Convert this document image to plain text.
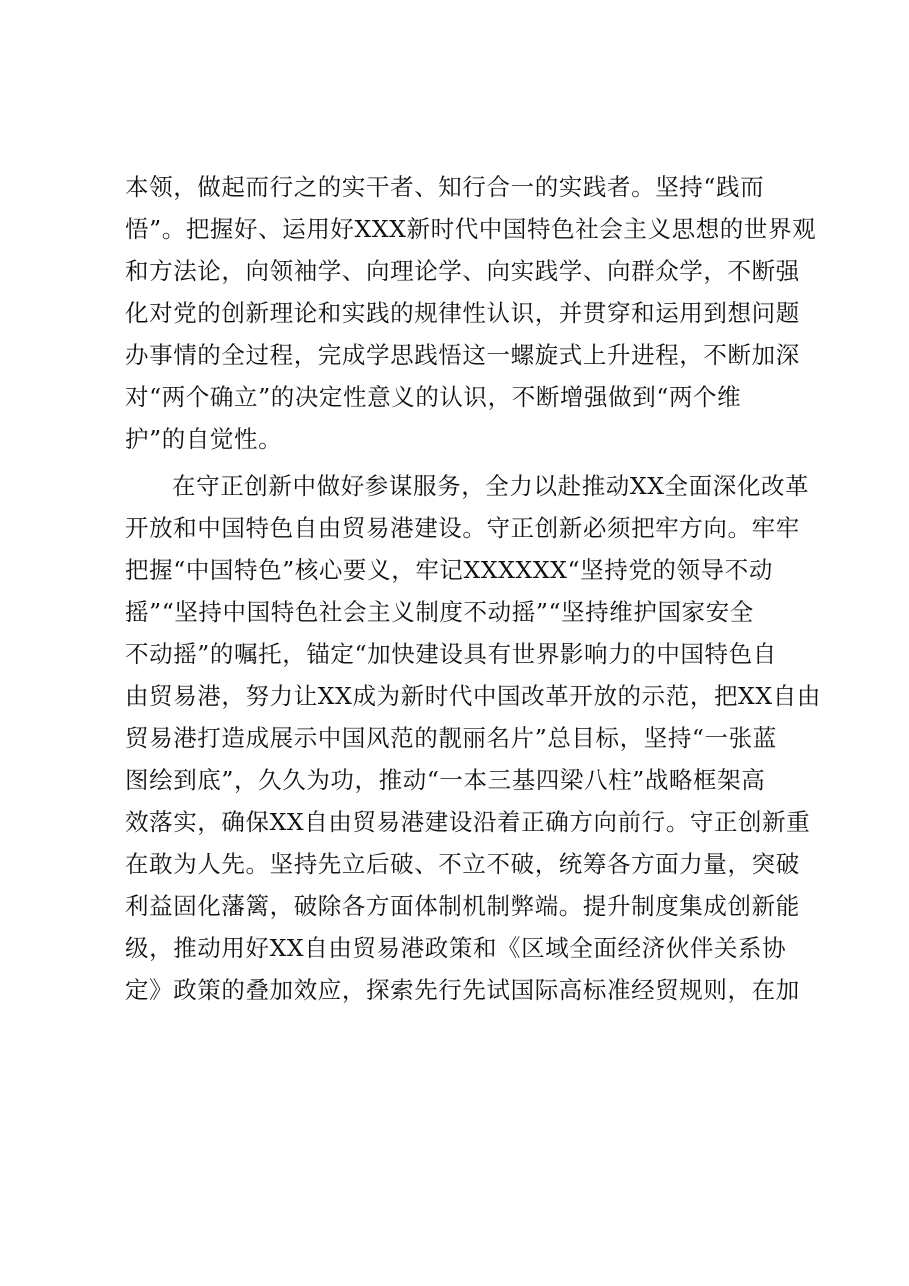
本领，做起而行之的实干者、知行合一的实践者。坚持“践而
悟”。把握好、运用好XXX新时代中国特色社会主义思想的世界观
和方法论，向领袖学、向理论学、向实践学、向群众学，不断强
化对党的创新理论和实践的规律性认识，并贯穿和运用到想问题
办事情的全过程，完成学思践悟这一螺旋式上升进程，不断加深
对“两个确立”的决定性意义的认识，不断增强做到“两个维
护”的自觉性。
在守正创新中做好参谋服务，全力以赴推动XX全面深化改革
开放和中国特色自由贸易港建设。守正创新必须把牢方向。牢牢
把握“中国特色”核心要义，牢记XXXXXX“坚持党的领导不动
摇”“坚持中国特色社会主义制度不动摇”“坚持维护国家安全
不动摇”的嘱托，锚定“加快建设具有世界影响力的中国特色自
由贸易港，努力让XX成为新时代中国改革开放的示范，把XX自由
贸易港打造成展示中国风范的靓丽名片”总目标，坚持“一张蓝
图绘到底”，久久为功，推动“一本三基四梁八柱”战略框架高
效落实，确保XX自由贸易港建设沿着正确方向前行。守正创新重
在敢为人先。坚持先立后破、不立不破，统筹各方面力量，突破
利益固化藩篱，破除各方面体制机制弊端。提升制度集成创新能
级，推动用好XX自由贸易港政策和《区域全面经济伙伴关系协
定》政策的叠加效应，探索先行先试国际高标准经贸规则，在加
